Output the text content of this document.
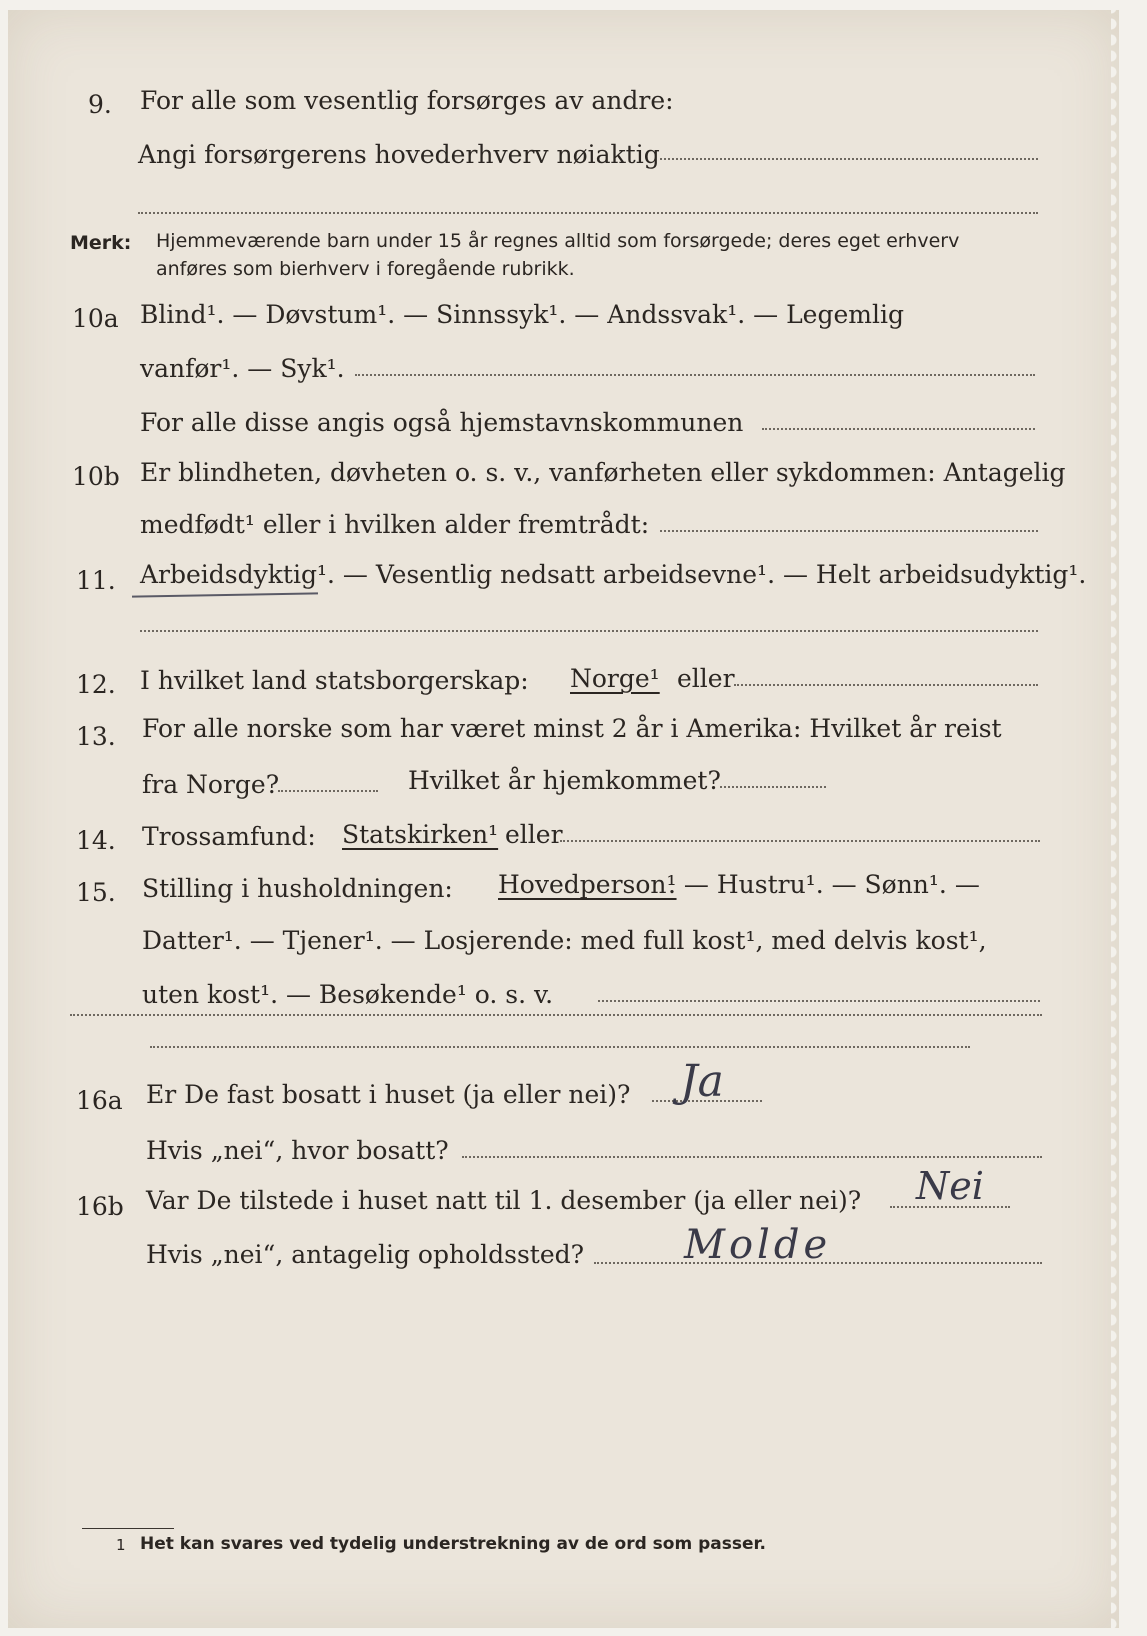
9. For alle som vesentlig forsørges av andre:
Angi forsørgerens hovederhverv nøiaktig
Merk: Hjemmeværende barn under 15 år regnes alltid som forsørgede; deres eget erhverv
anføres som bierhverv i foregående rubrikk.
10a Blind¹. — Døvstum¹. — Sinnssyk¹. — Andssvak¹. — Legemlig
vanfør¹. — Syk¹.
For alle disse angis også hjemstavnskommunen
10b Er blindheten, døvheten o. s. v., vanførheten eller sykdommen: Antagelig
medfødt¹ eller i hvilken alder fremtrådt:
11. Arbeidsdyktig¹. — Vesentlig nedsatt arbeidsevne¹. — Helt arbeidsudyktig¹.
12. I hvilket land statsborgerskap: Norge¹ eller
13. For alle norske som har været minst 2 år i Amerika: Hvilket år reist
fra Norge?	Hvilket år hjemkommet?
14. Trossamfund: Statskirken¹ eller
15. Stilling i husholdningen: Hovedperson¹
. — Hustru¹. — Sønn¹. —
Datter¹. — Tjener¹. — Losjerende: med full kost¹, med delvis kost¹,
uten kost¹. — Besøkende¹ o. s. v.
16a Er De fast bosatt i huset (ja eller nei)? Ja
Hvis „nei“, hvor bosatt?
16b Var De tilstede i huset natt til 1. desember (ja eller nei)? Nei
Hvis „nei“, antagelig opholdssted? Molde
1 Het kan svares ved tydelig understrekning av de ord som passer.
